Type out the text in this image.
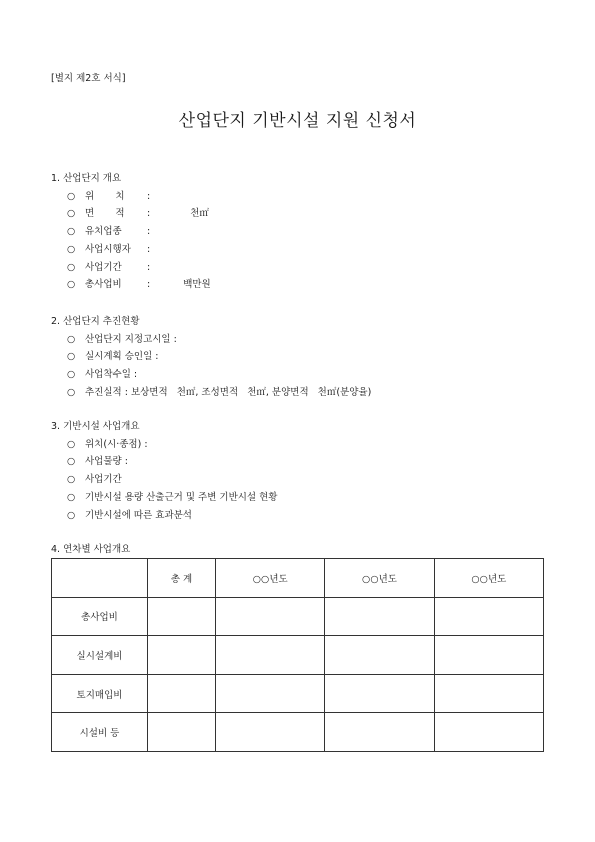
[별지 제2호 서식]
산업단지 기반시설 지원 신청서
1. 산업단지 개요
○ 위       치 :
○ 면       적 :	천㎡
○ 유치업종	:
○ 사업시행자 :
○ 사업기간	:
○ 총사업비	:	백만원
2. 산업단지 추진현황
○ 산업단지 지정고시일 :
○ 실시계획 승인일 :
○ 사업착수일 :
○ 추진실적 : 보상면적   천㎡, 조성면적   천㎡, 분양면적   천㎡(분양율)
3. 기반시설 사업개요
○ 위치(시·종점) :
○ 사업물량 :
○ 사업기간
○ 기반시설 용량 산출근거 및 주변 기반시설 현황
○ 기반시설에 따른 효과분석
4. 연차별 사업개요
	총 계	○○년도	○○년도	○○년도
총사업비				
실시설계비				
토지매입비				
시설비 등				
